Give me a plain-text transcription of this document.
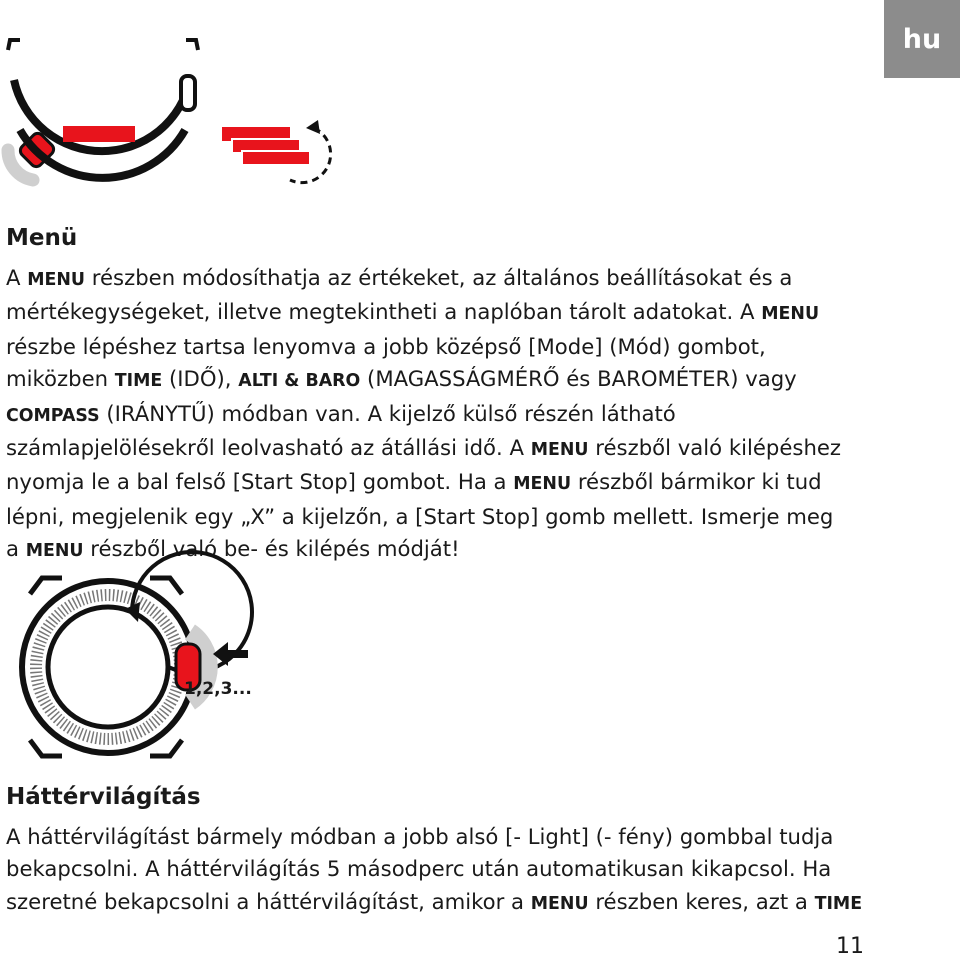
hu
Menü
A MENU részben módosíthatja az értékeket, az általános beállításokat és a
mértékegységeket, illetve megtekintheti a naplóban tárolt adatokat. A MENU
részbe lépéshez tartsa lenyomva a jobb középső [Mode] (Mód) gombot,
miközben TIME (IDŐ), ALTI & BARO (MAGASSÁGMÉRŐ és BAROMÉTER) vagy
COMPASS (IRÁNYTŰ) módban van. A kijelző külső részén látható
számlapjelölésekről leolvasható az átállási idő. A MENU részből való kilépéshez
nyomja le a bal felső [Start Stop] gombot. Ha a MENU részből bármikor ki tud
lépni, megjelenik egy „X” a kijelzőn, a [Start Stop] gomb mellett. Ismerje meg
a MENU részből való be- és kilépés módját!
1,2,3...
Háttérvilágítás
A háttérvilágítást bármely módban a jobb alsó [- Light] (- fény) gombbal tudja
bekapcsolni. A háttérvilágítás 5 másodperc után automatikusan kikapcsol. Ha
szeretné bekapcsolni a háttérvilágítást, amikor a MENU részben keres, azt a TIME
11
